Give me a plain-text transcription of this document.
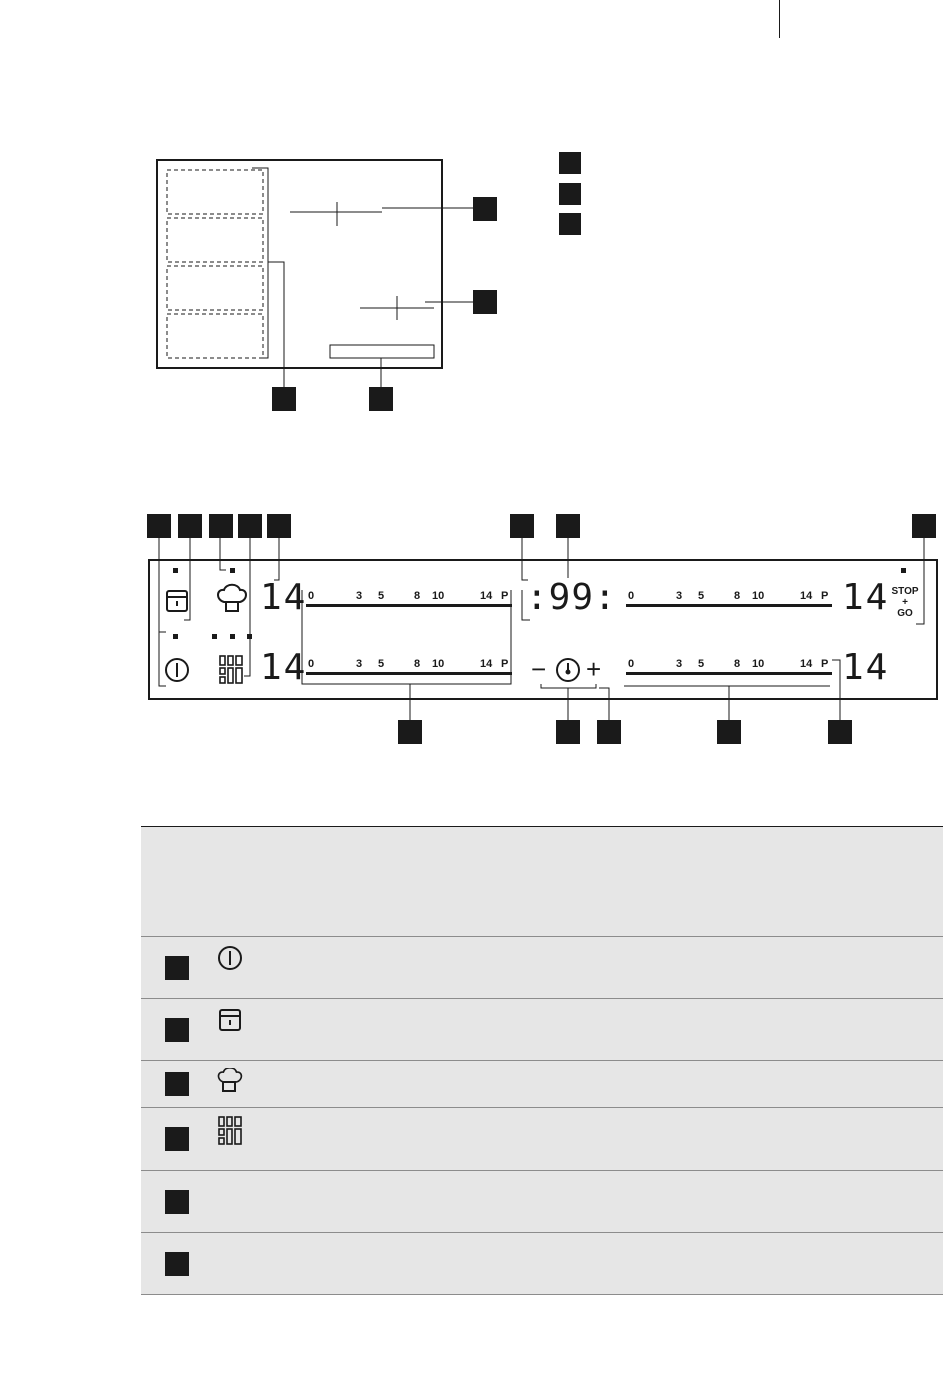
14
14
14
14
:99:
0	3 5	8 10	14 P
0	3 5	8 10	14 P
0	3 5	8 10	14 P
0	3 5	8 10	14 P
STOP
+
GO
− +
